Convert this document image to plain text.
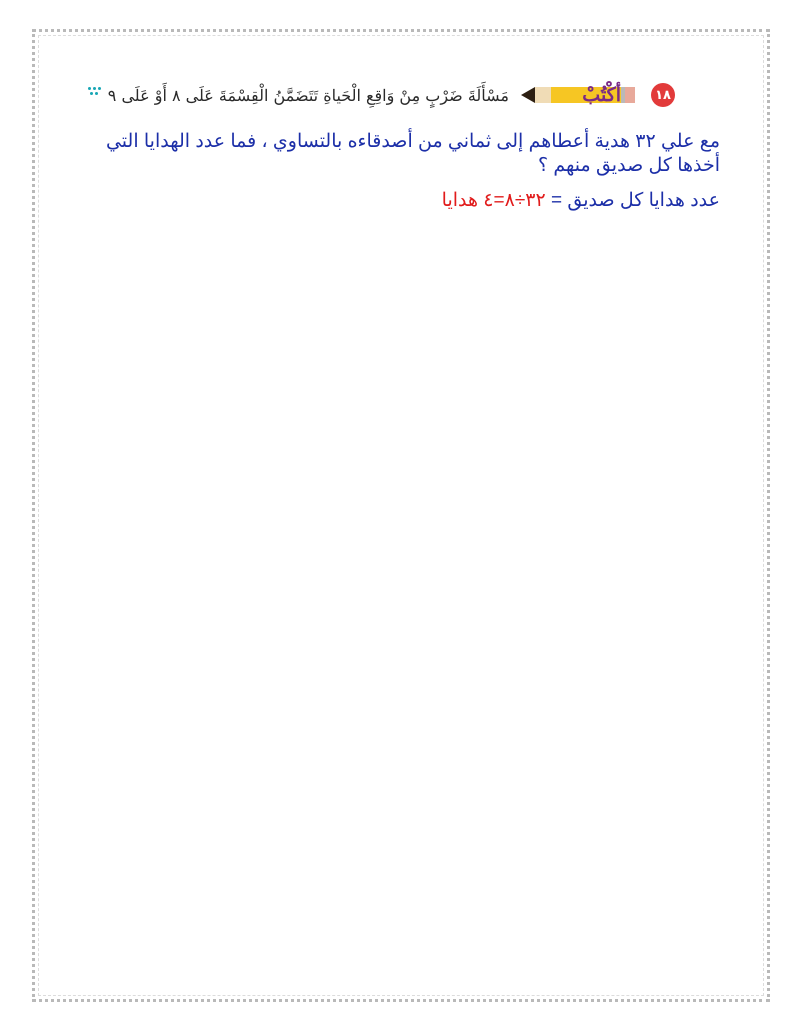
١٨
أكْتُبْ
مَسْأَلَةَ ضَرْبٍ مِنْ وَاقِعِ الْحَياةِ تَتَضَمَّنُ الْقِسْمَةَ عَلَى ٨ أَوْ عَلَى ٩

مع علي ٣٢ هدية أعطاهم إلى ثماني من أصدقاءه بالتساوي ، فما عدد الهدايا التي
أخذها كل صديق منهم ؟

عدد هدايا كل صديق = ٣٢÷٨=٤ هدايا
